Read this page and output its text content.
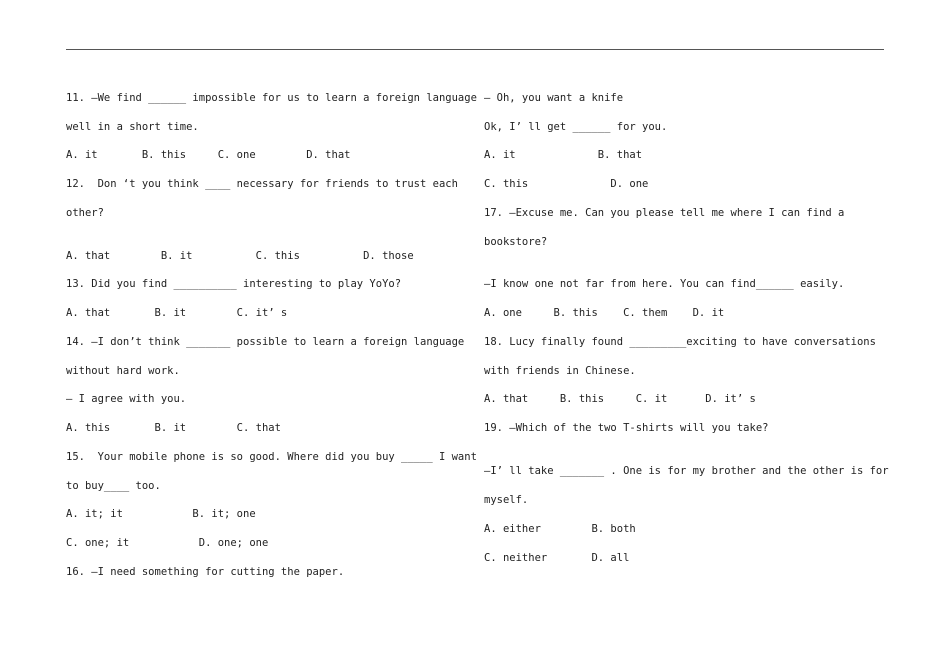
11. —We find ______ impossible for us to learn a foreign language
well in a short time.
A. it       B. this     C. one        D. that
12.  Don ‘t you think ____ necessary for friends to trust each
other?
A. that        B. it          C. this          D. those
13. Did you find __________ interesting to play YoYo?
A. that       B. it        C. it’ s
14. —I don’t think _______ possible to learn a foreign language
without hard work.
— I agree with you.
A. this       B. it        C. that
15.  Your mobile phone is so good. Where did you buy _____ I want
to buy____ too.
A. it; it           B. it; one
C. one; it           D. one; one
16. —I need something for cutting the paper.
— Oh, you want a knife
Ok, I’ ll get ______ for you.
A. it             B. that
C. this             D. one
17. —Excuse me. Can you please tell me where I can find a
bookstore?
—I know one not far from here. You can find______ easily.
A. one     B. this    C. them    D. it
18. Lucy finally found _________exciting to have conversations
with friends in Chinese.
A. that     B. this     C. it      D. it’ s
19. —Which of the two T-shirts will you take?
—I’ ll take _______ . One is for my brother and the other is for
myself.
A. either        B. both
C. neither       D. all
